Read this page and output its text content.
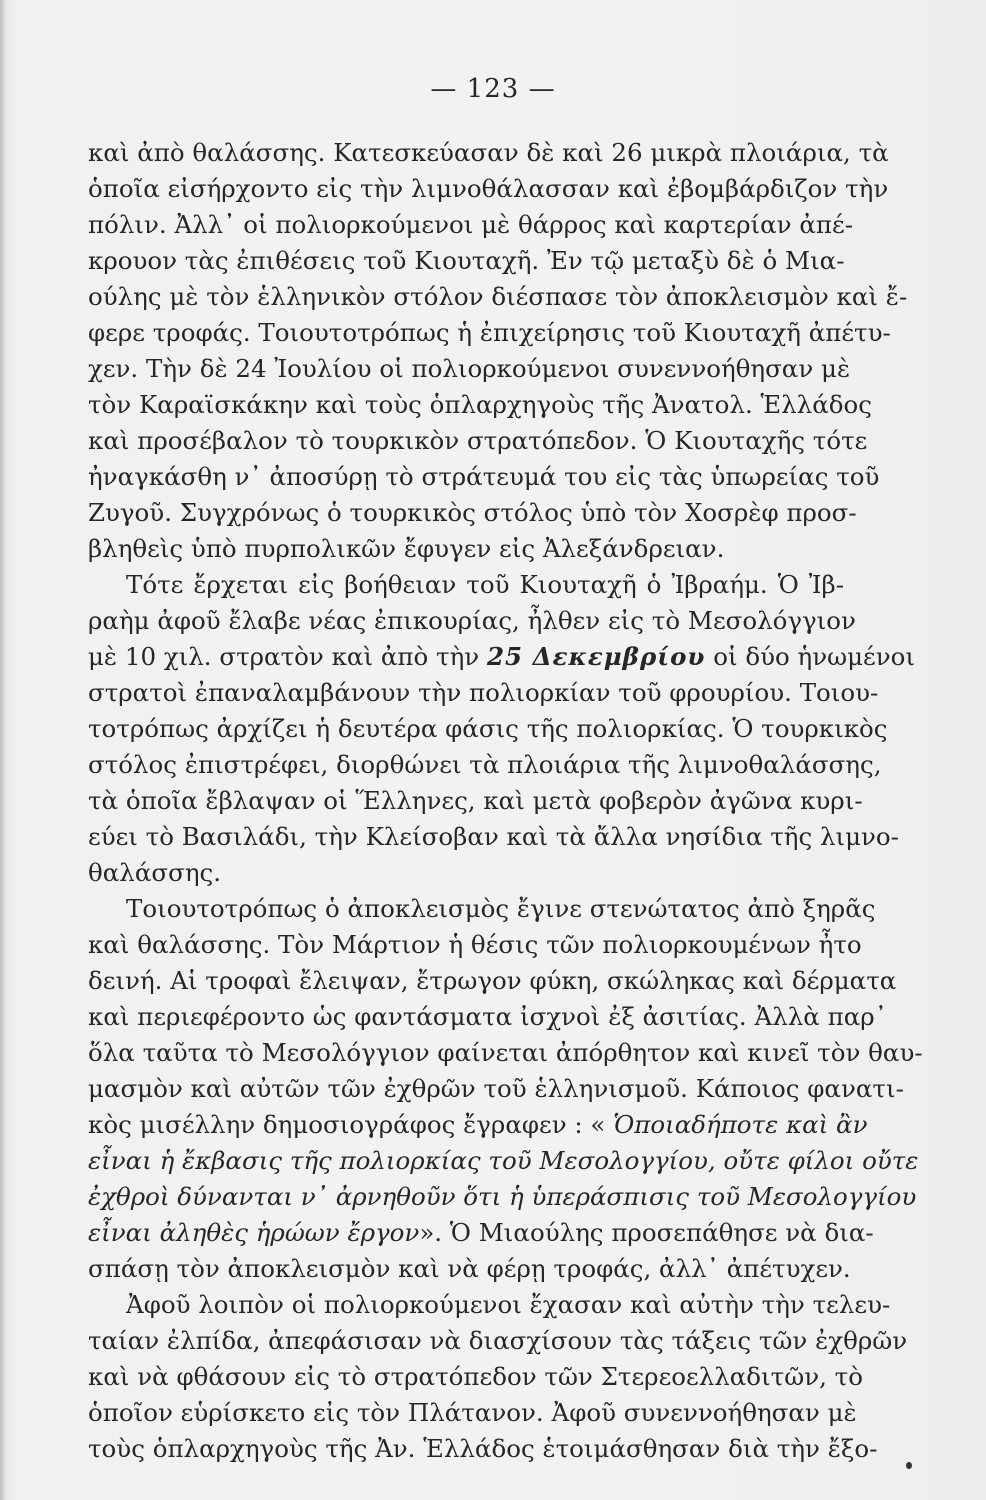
— 123 —
καὶ ἀπὸ θαλάσσης. Κατεσκεύασαν δὲ καὶ 26 μικρὰ πλοιάρια, τὰ
ὁποῖα εἰσήρχοντο εἰς τὴν λιμνοθάλασσαν καὶ ἐβομβάρδιζον τὴν
πόλιν. Ἀλλ᾽ οἱ πολιορκούμενοι μὲ θάρρος καὶ καρτερίαν ἀπέ-
κρουον τὰς ἐπιθέσεις τοῦ Κιουταχῆ. Ἐν τῷ μεταξὺ δὲ ὁ Μια-
ούλης μὲ τὸν ἑλληνικὸν στόλον διέσπασε τὸν ἀποκλεισμὸν καὶ ἔ-
φερε τροφάς. Τοιουτοτρόπως ἡ ἐπιχείρησις τοῦ Κιουταχῆ ἀπέτυ-
χεν. Τὴν δὲ 24 Ἰουλίου οἱ πολιορκούμενοι συνεννοήθησαν μὲ
τὸν Καραϊσκάκην καὶ τοὺς ὁπλαρχηγοὺς τῆς Ἀνατολ. Ἑλλάδος
καὶ προσέβαλον τὸ τουρκικὸν στρατόπεδον. Ὁ Κιουταχῆς τότε
ἠναγκάσθη ν᾽ ἀποσύρῃ τὸ στράτευμά του εἰς τὰς ὑπωρείας τοῦ
Ζυγοῦ. Συγχρόνως ὁ τουρκικὸς στόλος ὑπὸ τὸν Χοσρὲφ προσ-
βληθεὶς ὑπὸ πυρπολικῶν ἔφυγεν εἰς Ἀλεξάνδρειαν.
Τότε ἔρχεται εἰς βοήθειαν τοῦ Κιουταχῆ ὁ Ἰβραήμ. Ὁ Ἰβ-
ραὴμ ἀφοῦ ἔλαβε νέας ἐπικουρίας, ἦλθεν εἰς τὸ Μεσολόγγιον
μὲ 10 χιλ. στρατὸν καὶ ἀπὸ τὴν 25 Δεκεμβρίου οἱ δύο ἡνωμένοι
στρατοὶ ἐπαναλαμβάνουν τὴν πολιορκίαν τοῦ φρουρίου. Τοιου-
τοτρόπως ἀρχίζει ἡ δευτέρα φάσις τῆς πολιορκίας. Ὁ τουρκικὸς
στόλος ἐπιστρέφει, διορθώνει τὰ πλοιάρια τῆς λιμνοθαλάσσης,
τὰ ὁποῖα ἔβλαψαν οἱ Ἕλληνες, καὶ μετὰ φοβερὸν ἀγῶνα κυρι-
εύει τὸ Βασιλάδι, τὴν Κλείσοβαν καὶ τὰ ἄλλα νησίδια τῆς λιμνο-
θαλάσσης.
Τοιουτοτρόπως ὁ ἀποκλεισμὸς ἔγινε στενώτατος ἀπὸ ξηρᾶς
καὶ θαλάσσης. Τὸν Μάρτιον ἡ θέσις τῶν πολιορκουμένων ἦτο
δεινή. Αἱ τροφαὶ ἔλειψαν, ἔτρωγον φύκη, σκώληκας καὶ δέρματα
καὶ περιεφέροντο ὡς φαντάσματα ἰσχνοὶ ἐξ ἀσιτίας. Ἀλλὰ παρ᾽
ὅλα ταῦτα τὸ Μεσολόγγιον φαίνεται ἀπόρθητον καὶ κινεῖ τὸν θαυ-
μασμὸν καὶ αὐτῶν τῶν ἐχθρῶν τοῦ ἑλληνισμοῦ. Κάποιος φανατι-
κὸς μισέλλην δημοσιογράφος ἔγραφεν : « Ὁποιαδήποτε καὶ ἂν
εἶναι ἡ ἔκβασις τῆς πολιορκίας τοῦ Μεσολογγίου, οὔτε φίλοι οὔτε
ἐχθροὶ δύνανται ν᾽ ἀρνηθοῦν ὅτι ἡ ὑπεράσπισις τοῦ Μεσολογγίου
εἶναι ἀληθὲς ἡρώων ἔργον». Ὁ Μιαούλης προσεπάθησε νὰ δια-
σπάσῃ τὸν ἀποκλεισμὸν καὶ νὰ φέρῃ τροφάς, ἀλλ᾽ ἀπέτυχεν.
Ἀφοῦ λοιπὸν οἱ πολιορκούμενοι ἔχασαν καὶ αὐτὴν τὴν τελευ-
ταίαν ἐλπίδα, ἀπεφάσισαν νὰ διασχίσουν τὰς τάξεις τῶν ἐχθρῶν
καὶ νὰ φθάσουν εἰς τὸ στρατόπεδον τῶν Στερεοελλαδιτῶν, τὸ
ὁποῖον εὑρίσκετο εἰς τὸν Πλάτανον. Ἀφοῦ συνεννοήθησαν μὲ
τοὺς ὁπλαρχηγοὺς τῆς Ἀν. Ἑλλάδος ἑτοιμάσθησαν διὰ τὴν ἔξο-
